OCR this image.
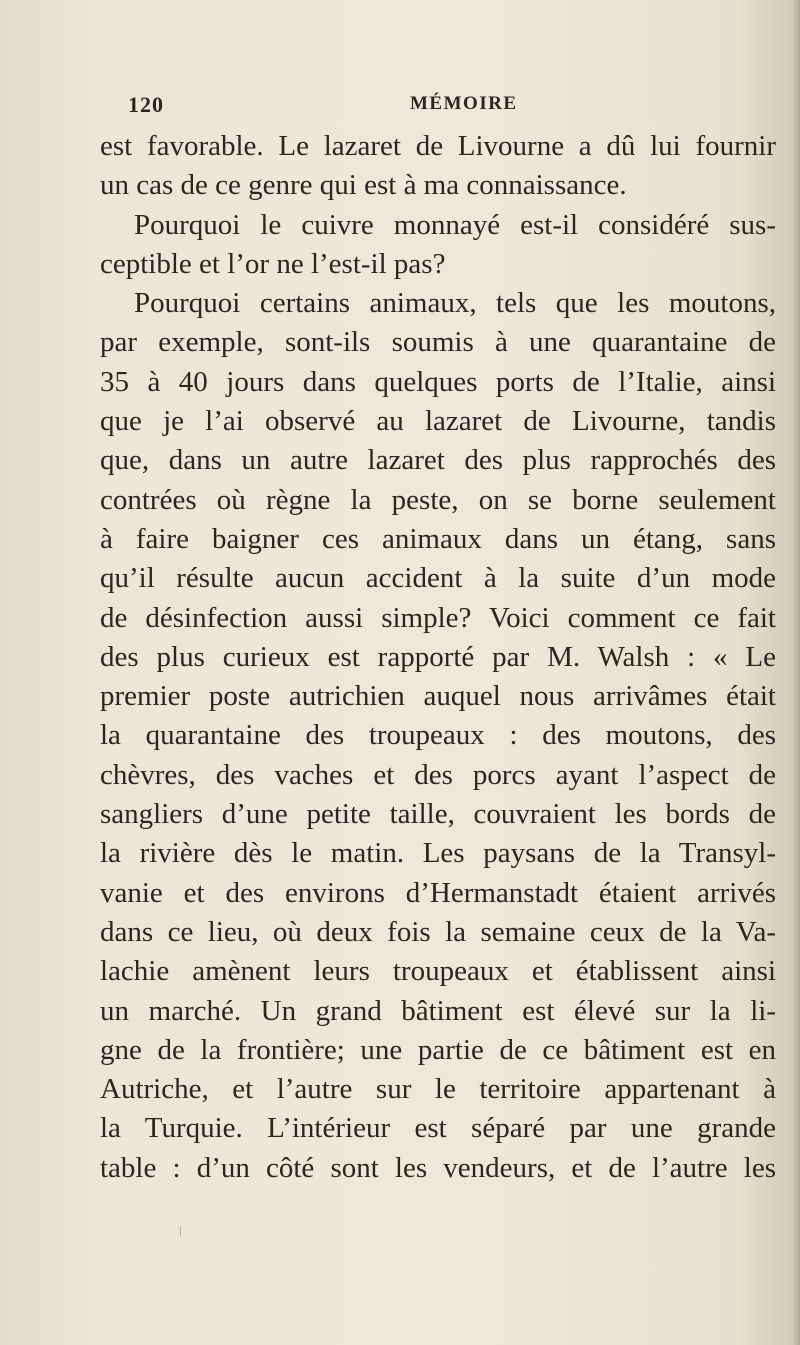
120	MÉMOIRE
est favorable. Le lazaret de Livourne a dû lui fournir
un cas de ce genre qui est à ma connaissance.
Pourquoi le cuivre monnayé est-il considéré sus-
ceptible et l’or ne l’est-il pas?
Pourquoi certains animaux, tels que les moutons,
par exemple, sont-ils soumis à une quarantaine de
35 à 40 jours dans quelques ports de l’Italie, ainsi
que je l’ai observé au lazaret de Livourne, tandis
que, dans un autre lazaret des plus rapprochés des
contrées où règne la peste, on se borne seulement
à faire baigner ces animaux dans un étang, sans
qu’il résulte aucun accident à la suite d’un mode
de désinfection aussi simple? Voici comment ce fait
des plus curieux est rapporté par M. Walsh : « Le
premier poste autrichien auquel nous arrivâmes était
la quarantaine des troupeaux : des moutons, des
chèvres, des vaches et des porcs ayant l’aspect de
sangliers d’une petite taille, couvraient les bords de
la rivière dès le matin. Les paysans de la Transyl-
vanie et des environs d’Hermanstadt étaient arrivés
dans ce lieu, où deux fois la semaine ceux de la Va-
lachie amènent leurs troupeaux et établissent ainsi
un marché. Un grand bâtiment est élevé sur la li-
gne de la frontière; une partie de ce bâtiment est en
Autriche, et l’autre sur le territoire appartenant à
la Turquie. L’intérieur est séparé par une grande
table : d’un côté sont les vendeurs, et de l’autre les
